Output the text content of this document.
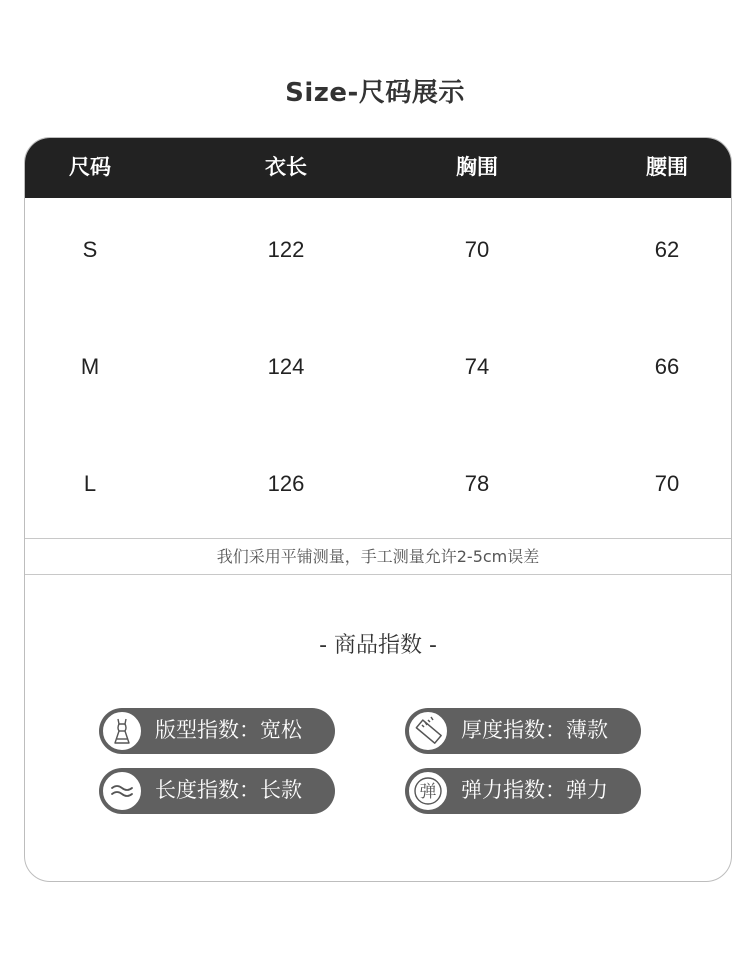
Size-尺码展示
尺码	衣长	胸围	腰围
S	122	70	62
M	124	74	66
L	126	78	70
我们采用平铺测量，手工测量允许2-5cm误差
- 商品指数 -
版型指数：宽松	厚度指数：薄款
长度指数：长款	弹 弹力指数：弹力
